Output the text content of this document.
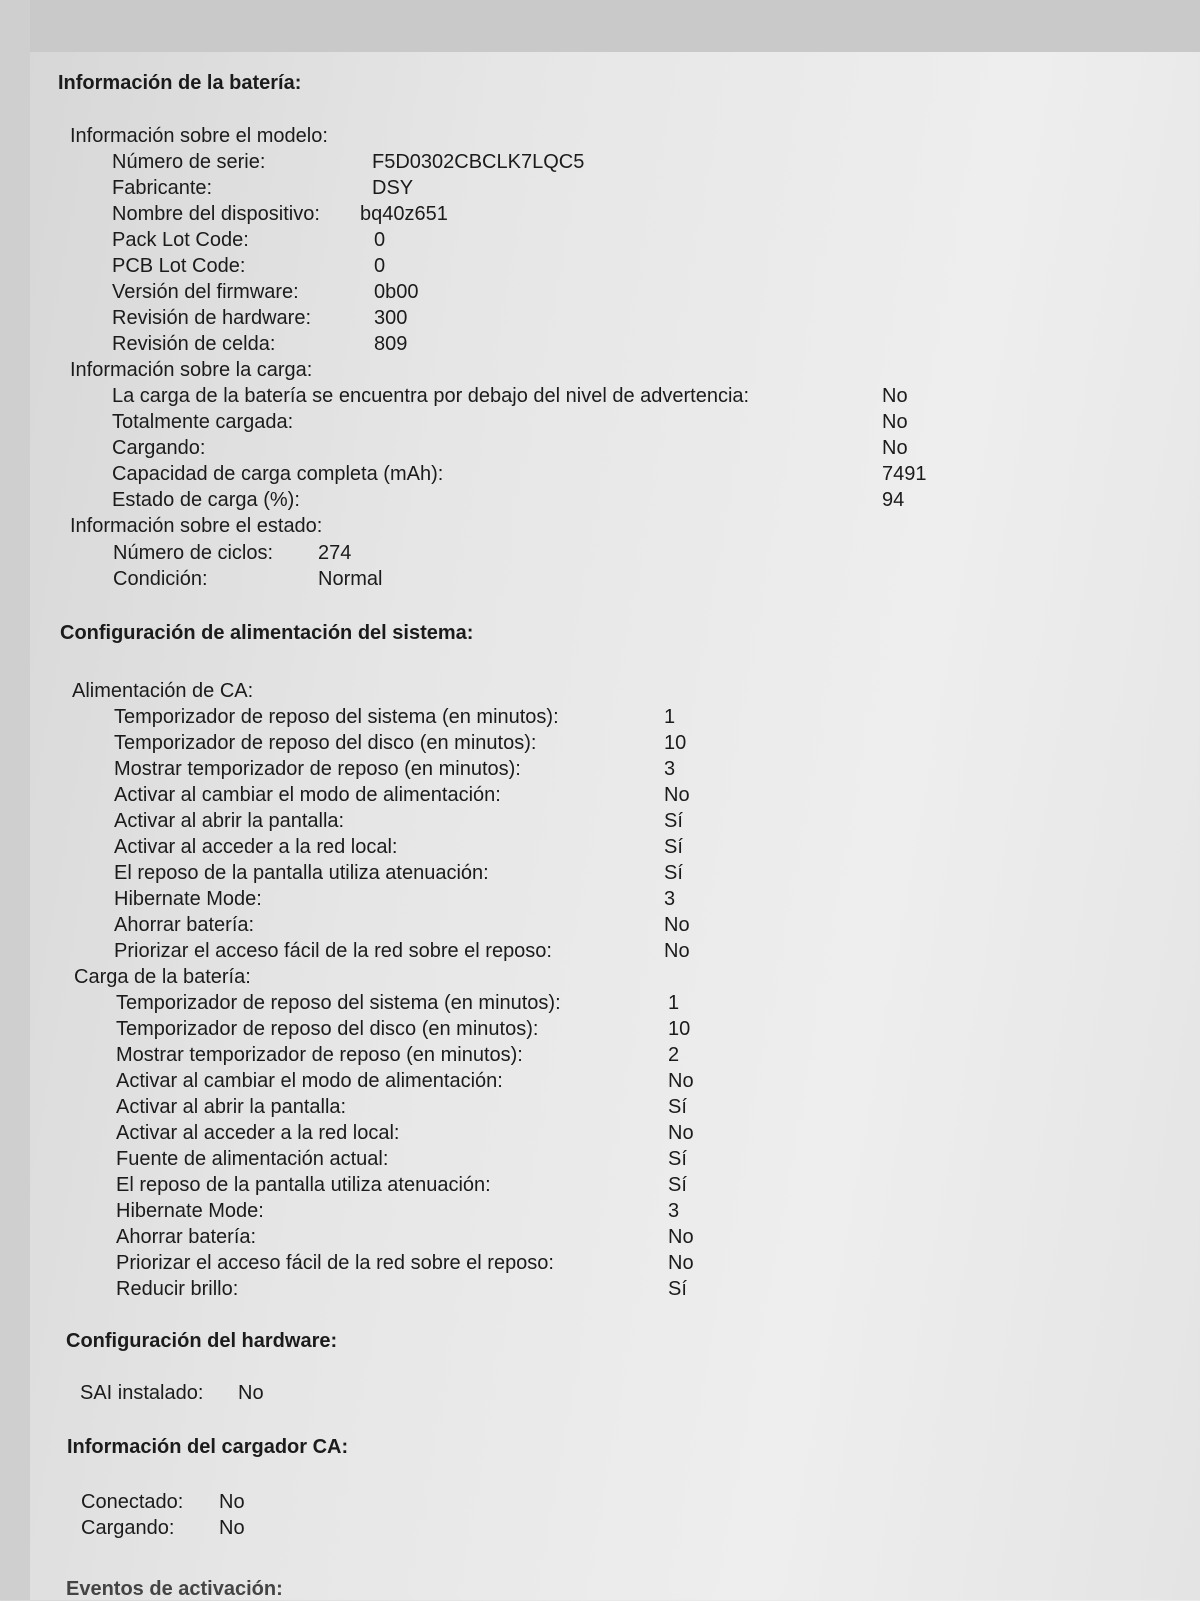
Información de la batería:
Información sobre el modelo:
Número de serie:	F5D0302CBCLK7LQC5
Fabricante:	DSY
Nombre del dispositivo: bq40z651
Pack Lot Code:	0
PCB Lot Code:	0
Versión del firmware:	0b00
Revisión de hardware:	300
Revisión de celda:	809
Información sobre la carga:
La carga de la batería se encuentra por debajo del nivel de advertencia:	No
Totalmente cargada:	No
Cargando:	No
Capacidad de carga completa (mAh):	7491
Estado de carga (%):	94
Información sobre el estado:
Número de ciclos: 274
Condición:	Normal
Configuración de alimentación del sistema:
Alimentación de CA:
Temporizador de reposo del sistema (en minutos):	1
Temporizador de reposo del disco (en minutos):	10
Mostrar temporizador de reposo (en minutos):	3
Activar al cambiar el modo de alimentación:	No
Activar al abrir la pantalla:	Sí
Activar al acceder a la red local:	Sí
El reposo de la pantalla utiliza atenuación:	Sí
Hibernate Mode:	3
Ahorrar batería:	No
Priorizar el acceso fácil de la red sobre el reposo:	No
Carga de la batería:
Temporizador de reposo del sistema (en minutos):	1
Temporizador de reposo del disco (en minutos):	10
Mostrar temporizador de reposo (en minutos):	2
Activar al cambiar el modo de alimentación:	No
Activar al abrir la pantalla:	Sí
Activar al acceder a la red local:	No
Fuente de alimentación actual:	Sí
El reposo de la pantalla utiliza atenuación:	Sí
Hibernate Mode:	3
Ahorrar batería:	No
Priorizar el acceso fácil de la red sobre el reposo:	No
Reducir brillo:	Sí
Configuración del hardware:
SAI instalado: No
Información del cargador CA:
Conectado: No
Cargando: No
Eventos de activación:
